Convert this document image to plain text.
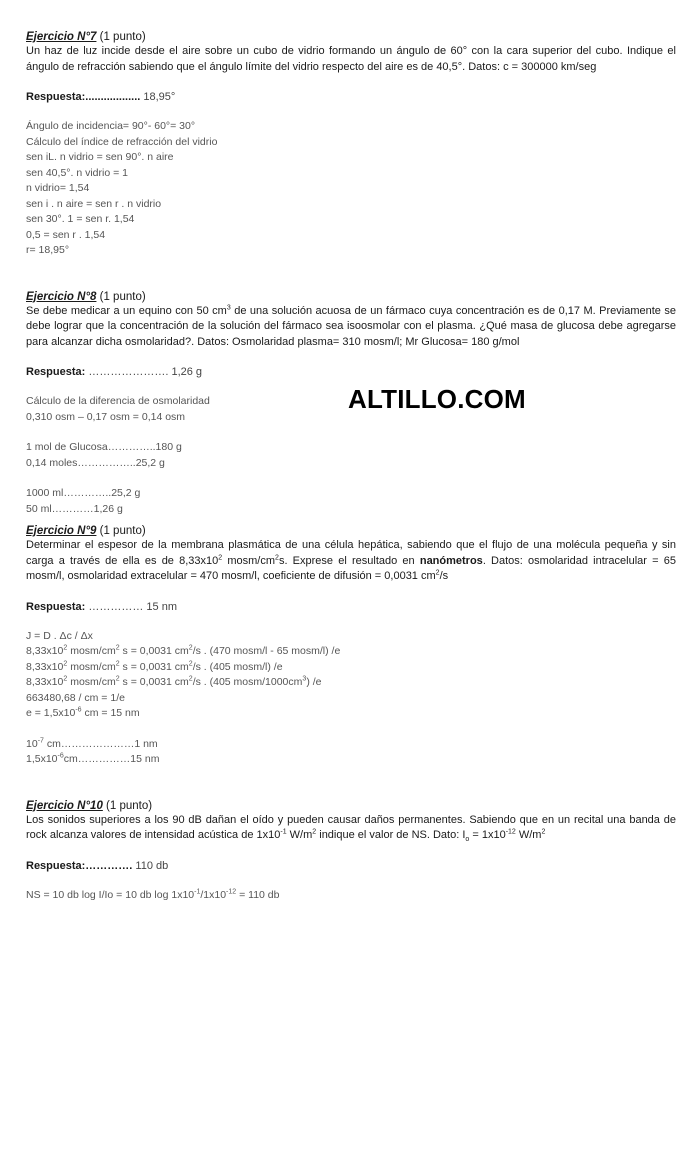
ALTILLO.COM

Ejercicio N°7 (1 punto)

Un haz de luz incide desde el aire sobre un cubo de vidrio formando un ángulo de 60° con la cara superior del cubo. Indique el ángulo de refracción sabiendo que el ángulo límite del vidrio respecto del aire es de 40,5°. Datos: c = 300000 km/seg

Respuesta:.................. 18,95°

Ángulo de incidencia= 90°- 60°= 30°
Cálculo del índice de refracción del vidrio
sen iL. n vidrio = sen 90°. n aire
sen 40,5°. n vidrio = 1
n vidrio= 1,54
sen i . n aire = sen r . n vidrio
sen 30°. 1 = sen r. 1,54
0,5 = sen r . 1,54
r= 18,95°

Ejercicio N°8 (1 punto)

Se debe medicar a un equino con 50 $cm^3$ de una solución acuosa de un fármaco cuya concentración es de 0,17 M. Previamente se debe lograr que la concentración de la solución del fármaco sea isoosmolar con el plasma. ¿Qué masa de glucosa debe agregarse para alcanzar dicha osmolaridad?. Datos: Osmolaridad plasma= 310 mosm/l; Mr Glucosa= 180 g/mol

Respuesta: …………………. 1,26 g

Cálculo de la diferencia de osmolaridad
0,310 osm – 0,17 osm = 0,14 osm
1 mol de Glucosa…………..180 g
0,14 moles……………..25,2 g
1000 ml…………..25,2 g
50 ml…………1,26 g

Ejercicio N°9 (1 punto)

Determinar el espesor de la membrana plasmática de una célula hepática, sabiendo que el flujo de una molécula pequeña y sin carga a través de ella es de $8,33x10^2$ mosm/$cm^2s$. Exprese el resultado en nanómetros. Datos: osmolaridad intracelular = 65 mosm/l, osmolaridad extracelular = 470 mosm/l, coeficiente de difusión = 0,0031 $cm^2/s$

Respuesta: …………… 15 nm

J = D . Δc / Δx
$8,33x10^2$ mosm/$cm^2$ s = 0,0031 $cm^2/s$ . (470 mosm/l - 65 mosm/l) /e
$8,33x10^2$ mosm/$cm^2$ s = 0,0031 $cm^2/s$ . (405 mosm/l) /e
$8,33x10^2$ mosm/$cm^2$ s = 0,0031 $cm^2/s$ . (405 mosm/$1000cm^3$) /e
663480,68 / cm = 1/e
$e = 1,5x10^{-6}$ cm = 15 nm
$10^{-7}$ cm…………………1 nm
$1,5x10^{-6}cm\dots\dots\dots\dots\dots 15$ nm

Ejercicio N°10 (1 punto)

Los sonidos superiores a los 90 dB dañan el oído y pueden causar daños permanentes. Sabiendo que en un recital una banda de rock alcanza valores de intensidad acústica de $1x10^{-1}$ $W/m^2$ indique el valor de NS. Dato: $I_o = 1x10^{-12}$ $W/m^2$

Respuesta:…………. 110 db

NS = 10 db log I/Io = 10 db $\log 1x10^{-1}/1x10^{-12} = 110$ db
